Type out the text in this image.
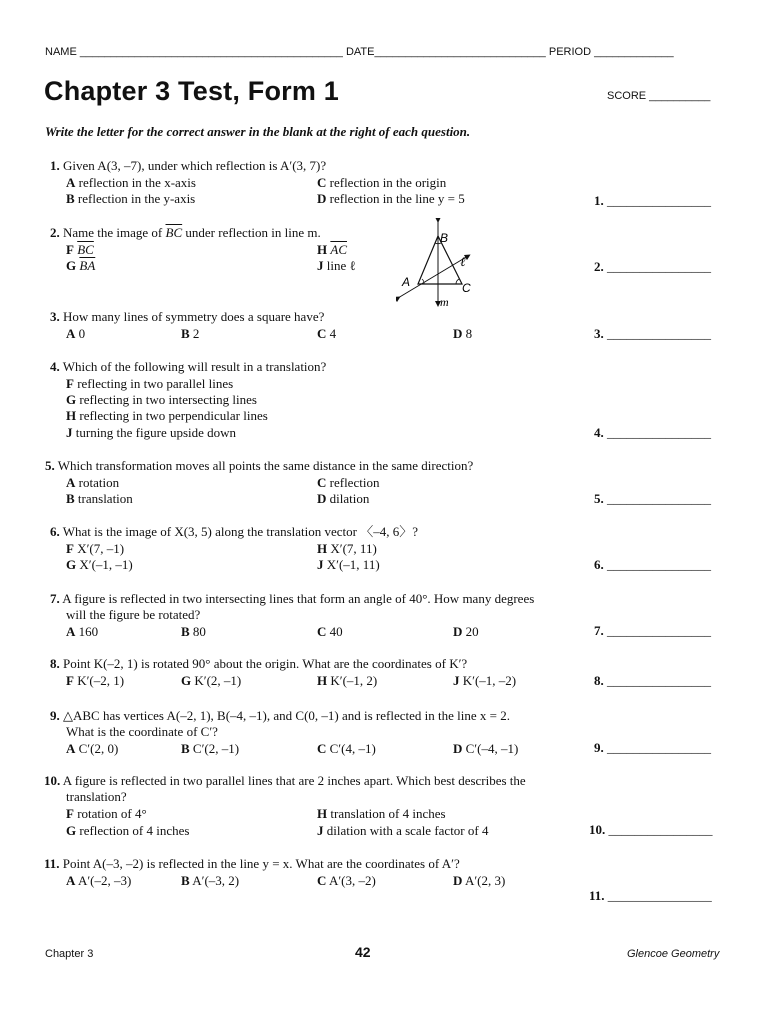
NAME ___________________________________________ DATE____________________________ PERIOD _____________
Chapter 3 Test, Form 1	SCORE __________
Write the letter for the correct answer in the blank at the right of each question.
1. Given A(3, –7), under which reflection is A′(3, 7)?
A reflection in the x-axis	C reflection in the origin
B reflection in the y-axis	D reflection in the line y = 5	1. ________________
2. Name the image of $\overline{BC}$ under reflection in line m.
F $\overline{BC}$	H $\overline{AC}$
G $\overline{BA}$	J line ℓ
B
ℓ
A	C
m
2. ________________
3. How many lines of symmetry does a square have?
A 0	B 2	C 4	D 8	3. ________________
4. Which of the following will result in a translation?
F reflecting in two parallel lines
G reflecting in two intersecting lines
H reflecting in two perpendicular lines
J turning the figure upside down	4. ________________
5. Which transformation moves all points the same distance in the same direction?
A rotation	C reflection
B translation	D dilation	5. ________________
6. What is the image of X(3, 5) along the translation vector 〈–4, 6〉?
F X′(7, –1)	H X′(7, 11)
G X′(–1, –1)	J X′(–1, 11)	6. ________________
7. A figure is reflected in two intersecting lines that form an angle of 40°. How many degrees
will the figure be rotated?
A 160	B 80	C 40	D 20	7. ________________
8. Point K(–2, 1) is rotated 90° about the origin. What are the coordinates of K′?
F K′(–2, 1)	G K′(2, –1)	H K′(–1, 2)	J K′(–1, –2)	8. ________________
9. △ABC has vertices A(–2, 1), B(–4, –1), and C(0, –1) and is reflected in the line x = 2.
What is the coordinate of C′?
A C′(2, 0)	B C′(2, –1)	C C′(4, –1)	D C′(–4, –1)	9. ________________
10. A figure is reflected in two parallel lines that are 2 inches apart. Which best describes the
translation?
F rotation of 4°	H translation of 4 inches
G reflection of 4 inches	J dilation with a scale factor of 4	10. ________________
11. Point A(–3, –2) is reflected in the line y = x. What are the coordinates of A′?
A A′(–2, –3)	B A′(–3, 2)	C A′(3, –2)	D A′(2, 3)
11. ________________
Chapter 3	42	Glencoe Geometry
